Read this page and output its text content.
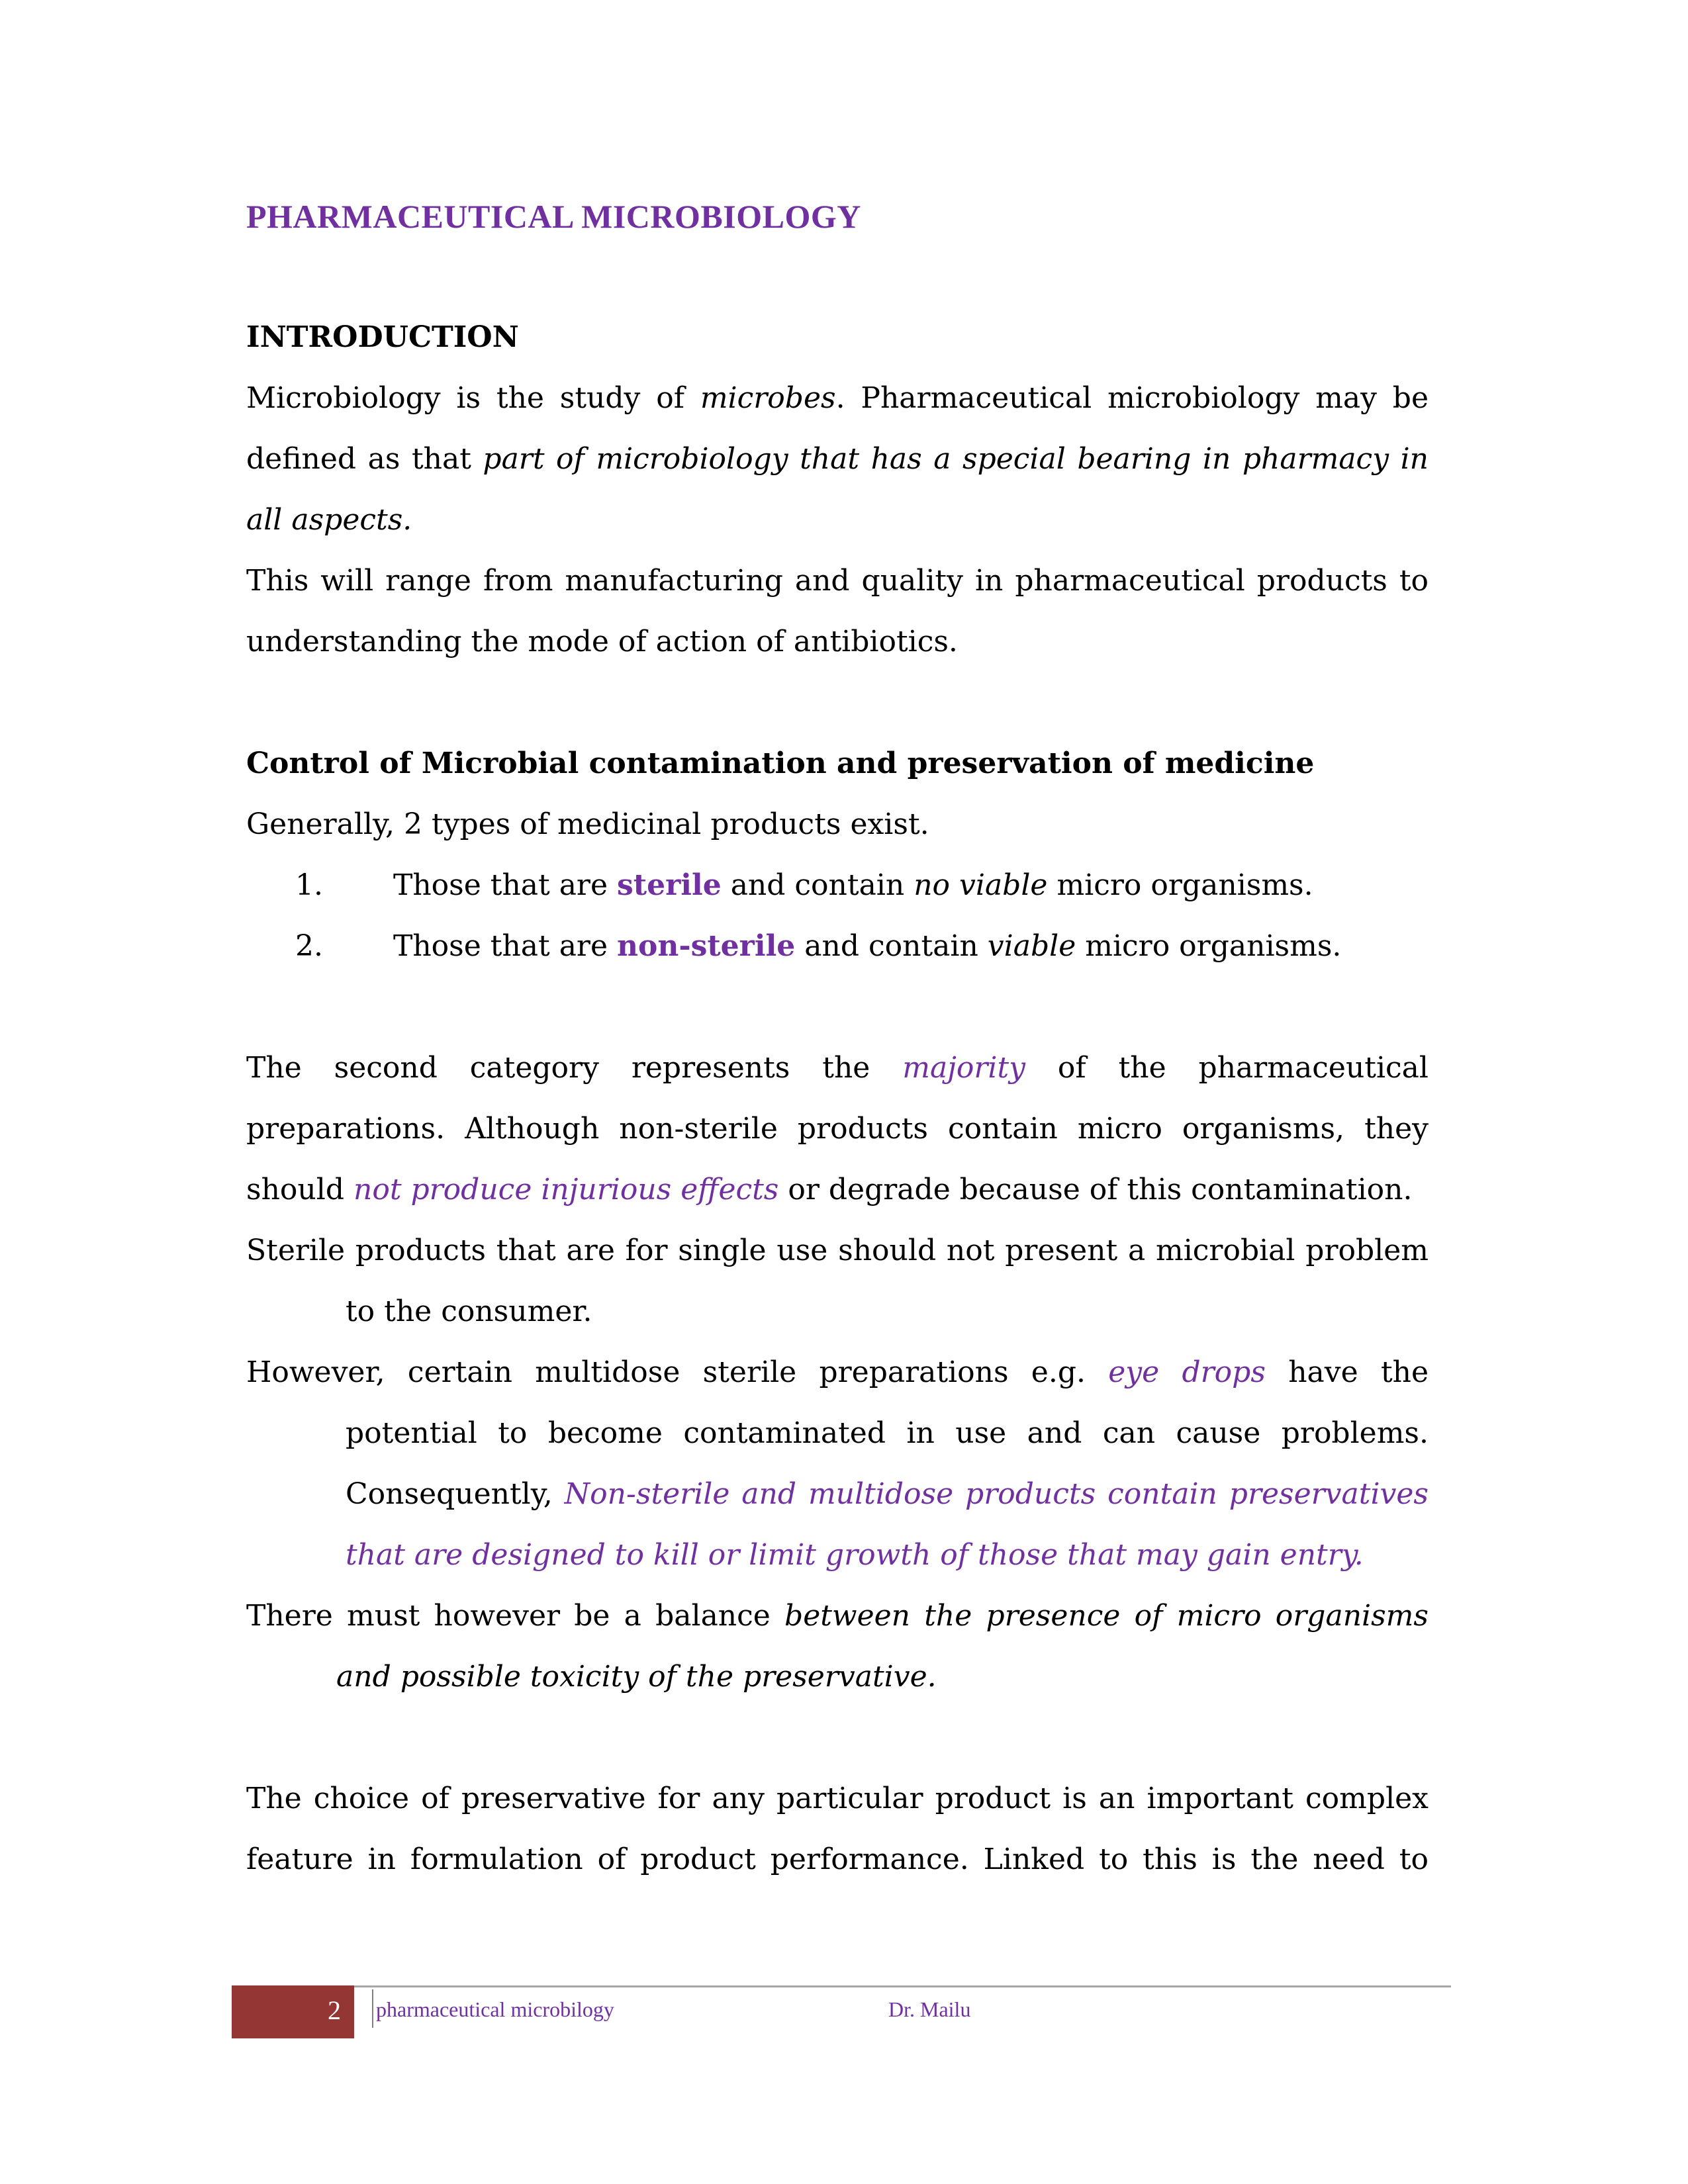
PHARMACEUTICAL MICROBIOLOGY

INTRODUCTION

Microbiology is the study of microbes. Pharmaceutical microbiology may be defined as that part of microbiology that has a special bearing in pharmacy in all aspects.

This will range from manufacturing and quality in pharmaceutical products to understanding the mode of action of antibiotics.

Control of Microbial contamination and preservation of medicine

Generally, 2 types of medicinal products exist.

1. Those that are sterile and contain no viable micro organisms.
2. Those that are non-sterile and contain viable micro organisms.

The second category represents the majority of the pharmaceutical preparations. Although non-sterile products contain micro organisms, they should not produce injurious effects or degrade because of this contamination.

Sterile products that are for single use should not present a microbial problem to the consumer.

However, certain multidose sterile preparations e.g. eye drops have the potential to become contaminated in use and can cause problems. Consequently, Non-sterile and multidose products contain preservatives that are designed to kill or limit growth of those that may gain entry.

There must however be a balance between the presence of micro organisms and possible toxicity of the preservative.

The choice of preservative for any particular product is an important complex feature in formulation of product performance. Linked to this is the need to

2 pharmaceutical microbilogy	Dr. Mailu
